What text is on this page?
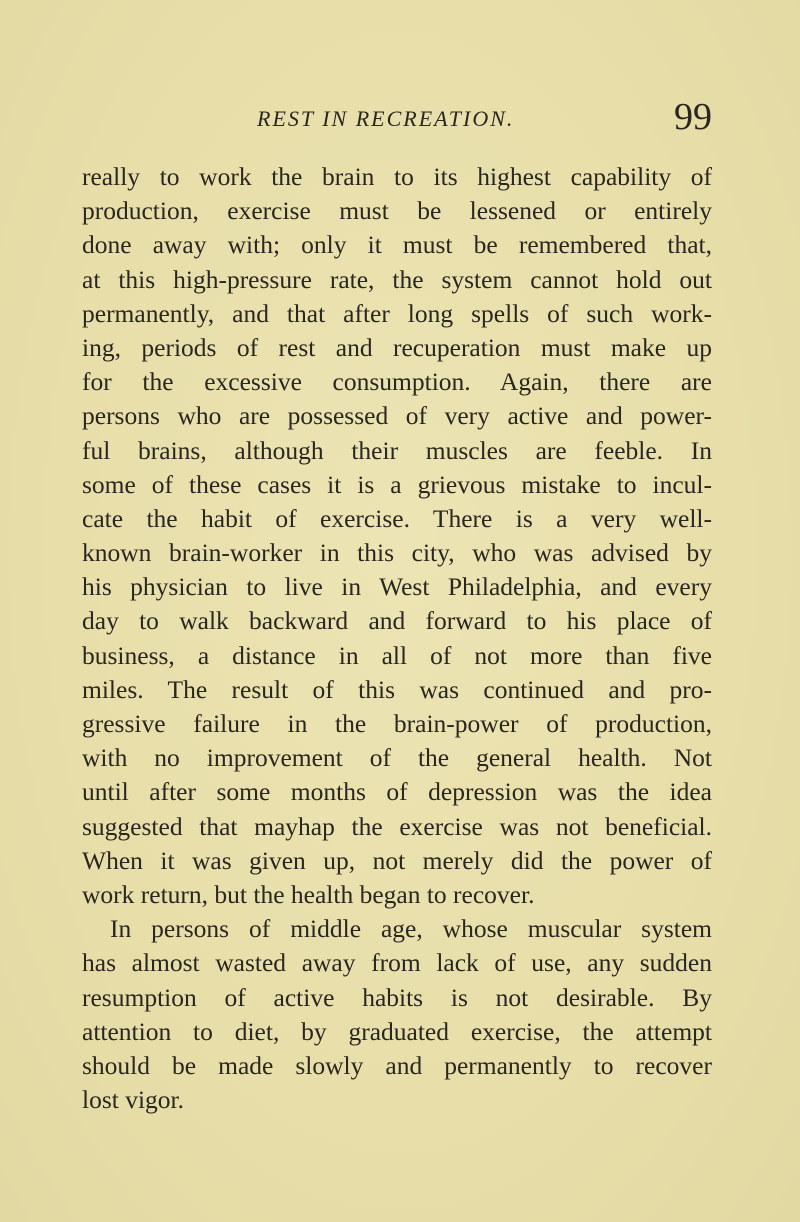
REST IN RECREATION.	99
really to work the brain to its highest capability of
production, exercise must be lessened or entirely
done away with; only it must be remembered that,
at this high-pressure rate, the system cannot hold out
permanently, and that after long spells of such work-
ing, periods of rest and recuperation must make up
for the excessive consumption. Again, there are
persons who are possessed of very active and power-
ful brains, although their muscles are feeble. In
some of these cases it is a grievous mistake to incul-
cate the habit of exercise. There is a very well-
known brain-worker in this city, who was advised by
his physician to live in West Philadelphia, and every
day to walk backward and forward to his place of
business, a distance in all of not more than five
miles. The result of this was continued and pro-
gressive failure in the brain-power of production,
with no improvement of the general health. Not
until after some months of depression was the idea
suggested that mayhap the exercise was not beneficial.
When it was given up, not merely did the power of
work return, but the health began to recover.
In persons of middle age, whose muscular system
has almost wasted away from lack of use, any sudden
resumption of active habits is not desirable. By
attention to diet, by graduated exercise, the attempt
should be made slowly and permanently to recover
lost vigor.
